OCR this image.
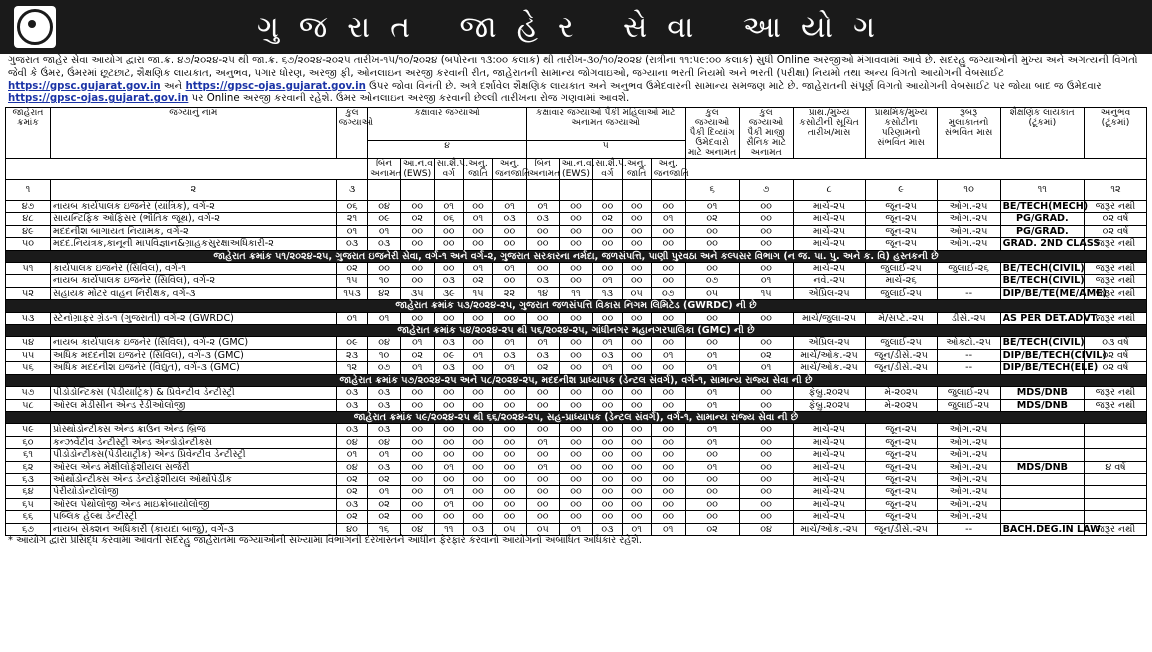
ગુજરાત જાહેર સેવા આયોગ
ગુજરાત જાહેર સેવા આયોગ દ્વારા જા.ક્ર. ૪૭/૨૦૨૪-૨૫ થી જા.ક્ર. ૬૭/૨૦૨૪-૨૦૨૫ તારીખ-૧૫/૧૦/૨૦૨૪ (બપોરના ૧૩:૦૦ કલાક) થી તારીખ-૩૦/૧૦/૨૦૨૪ (રાત્રીના ૧૧:૫૯:૦૦ કલાક) સુધી Online અરજીઓ મંગાવવામાં આવે છે. સદરહુ જગ્યાઓની મુખ્ય અને અગત્યની વિગતો જેવી કે ઉંમર, ઉંમરમાં છૂટછાટ, શૈક્ષણિક લાયકાત, અનુભવ, પગાર ધોરણ, અરજી ફી, ઓનલાઇન અરજી કરવાની રીત, જાહેરાતની સામાન્ય જોગવાઇઓ, જગ્યાના ભરતી નિયમો અને ભરતી (પરીક્ષા) નિયમો તથા અન્ય વિગતો આયોગની વેબસાઈટ https://gpsc.gujarat.gov.in અને https://gpsc-ojas.gujarat.gov.in ઉપર જોવા વિનંતી છે. અત્રે દર્શાવેલ શૈક્ષણિક લાયકાત અને અનુભવ ઉમેદવારની સામાન્ય સમજણ માટે છે. જાહેરાતની સંપૂર્ણ વિગતો આયોગની વેબસાઈટ પર જોયા બાદ જ ઉમેદવાર https://gpsc-ojas.gujarat.gov.in પર Online અરજી કરવાની રહેશે. ઉંમર ઓનલાઇન અરજી કરવાની છેલ્લી તારીખના રોજ ગણવામાં આવશે.
જાહેરાત ક્રમાંક	જગ્યાનું નામ	કુલ જગ્યાઓ	કક્ષાવાર જગ્યાઓ					કક્ષાવાર જગ્યાઓ પૈકી મહિલાઓ માટે અનામત જગ્યાઓ					કુલ જગ્યાઓ પૈકી દિવ્યાંગ ઉમેદવારો માટે અનામત	કુલ જગ્યાઓ પૈકી માજી સૈનિક માટે અનામત	પ્રાથ./મુખ્ય કસોટીની સૂચિત તારીખ/માસ	પ્રાથમિક/મુખ્ય કસોટીના પરિણામનો સંભવિત માસ	રૂબરૂ મુલાકાતનો સંભવિત માસ	શૈક્ષણિક લાયકાત (ટૂંકમાં)	અનુભવ (ટૂંકમાં)

			૪					૫											

			બિન અનામત	આ.ન.વ. (EWS)	સા.શૈ.પ. વર્ગ	અનુ. જાતિ	અનુ. જનજાતિ	બિન અનામત	આ.ન.વ. (EWS)	સા.શૈ.પ. વર્ગ	અનુ. જાતિ	અનુ. જનજાતિ							
૧	૨	૩											૬	૭	૮	૯	૧૦	૧૧	૧૨
૪૭	નાયબ કાર્યપાલક ઇજનેર (યાંત્રિક), વર્ગ-૨	૦૬	૦૪	૦૦	૦૧	૦૦	૦૧	૦૧	૦૦	૦૦	૦૦	૦૦	૦૧	૦૦	માર્ચ-૨૫	જૂન-૨૫	ઓગ.-૨૫	BE/TECH(MECH)	જરૂર નથી
૪૮	સાયન્ટિફિક ઓફિસર (ભૌતિક જૂથ), વર્ગ-૨	૨૧	૦૯	૦૨	૦૬	૦૧	૦૩	૦૩	૦૦	૦૨	૦૦	૦૧	૦૨	૦૦	માર્ચ-૨૫	જૂન-૨૫	ઓગ.-૨૫	PG/GRAD.	૦૨ વર્ષ
૪૯	મદદનીશ બાગાયત નિયામક, વર્ગ-૨	૦૧	૦૧	૦૦	૦૦	૦૦	૦૦	૦૦	૦૦	૦૦	૦૦	૦૦	૦૦	૦૦	માર્ચ-૨૫	જૂન-૨૫	ઓગ.-૨૫	PG/GRAD.	૦૨ વર્ષ
૫૦	મદદ.નિયંત્રક,કાનૂની માપવિજ્ઞાન&ગ્રાહકસુરક્ષાઅધિકારી-૨	૦૩	૦૩	૦૦	૦૦	૦૦	૦૦	૦૦	૦૦	૦૦	૦૦	૦૦	૦૦	૦૦	માર્ચ-૨૫	જૂન-૨૫	ઓગ.-૨૫	GRAD. 2ND CLASS	જરૂર નથી
જાહેરાત ક્રમાંક ૫૧/૨૦૨૪-૨૫, ગુજરાત ઇજનેરી સેવા, વર્ગ-૧ અને વર્ગ-૨, ગુજરાત સરકારના નર્મદા, જળસંપત્તિ, પાણી પુરવઠા અને કલ્પસર વિભાગ (ન જ. પા. પુ. અને ક. વિ) હસ્તકની છે																			
૫૧	કાર્યપાલક ઇજનેર (સિવિલ), વર્ગ-૧	૦૨	૦૦	૦૦	૦૦	૦૧	૦૧	૦૦	૦૦	૦૦	૦૦	૦૦	૦૦	૦૦	માર્ચ-૨૫	જુલાઈ-૨૫	જુલાઈ-૨૬	BE/TECH(CIVIL)	જરૂર નથી
	નાયબ કાર્યપાલક ઇજનેર (સિવિલ), વર્ગ-૨	૧૫	૧૦	૦૦	૦૩	૦૨	૦૦	૦૩	૦૦	૦૧	૦૦	૦૦	૦૭	૦૧	નવે.-૨૫	માર્ચ-૨૬		BE/TECH(CIVIL)	જરૂર નથી
૫૨	સહાયક મોટર વાહન નિરીક્ષક, વર્ગ-૩	૧૫૩	૪૨	૩૫	૩૯	૧૫	૨૨	૧૪	૧૧	૧૩	૦૫	૦૭	૦૫	૧૫	એપ્રિલ-૨૫	જુલાઈ-૨૫	--	DIP/BE/TE(ME/AME)	જરૂર નથી
જાહેરાત ક્રમાંક ૫૩/૨૦૨૪-૨૫, ગુજરાત જળસંપત્તિ વિકાસ નિગમ લિમિટેડ (GWRDC) ની છે																			
૫૩	સ્ટેનોગ્રાફર ગ્રેડ-૧ (ગુજરાતી) વર્ગ-૨ (GWRDC)	૦૧	૦૧	૦૦	૦૦	૦૦	૦૦	૦૦	૦૦	૦૦	૦૦	૦૦	૦૦	૦૦	માર્ચ/જુલા-૨૫	મે/સપ્ટે.-૨૫	ડીસે.-૨૫	AS PER DET.ADVT.	જરૂર નથી
જાહેરાત ક્રમાંક ૫૪/૨૦૨૪-૨૫ થી ૫૬/૨૦૨૪-૨૫, ગાંધીનગર મહાનગરપાલિકા (GMC) ની છે																			
૫૪	નાયબ કાર્યપાલક ઇજનેર (સિવિલ), વર્ગ-૨ (GMC)	૦૯	૦૪	૦૧	૦૩	૦૦	૦૧	૦૧	૦૦	૦૧	૦૦	૦૦	૦૦	૦૦	એપ્રિલ-૨૫	જુલાઈ-૨૫	ઓક્ટો.-૨૫	BE/TECH(CIVIL)	૦૩ વર્ષ
૫૫	અધિક મદદનીશ ઇજનેર (સિવિલ), વર્ગ-૩ (GMC)	૨૩	૧૦	૦૨	૦૯	૦૧	૦૩	૦૩	૦૦	૦૩	૦૦	૦૧	૦૧	૦૨	માર્ચ/ઓક.-૨૫	જૂન/ડીસે.-૨૫	--	DIP/BE/TECH(CIVIL)	૦૨ વર્ષ
૫૬	અધિક મદદનીશ ઇજનેર (વિદ્યુત), વર્ગ-૩ (GMC)	૧૨	૦૭	૦૧	૦૩	૦૦	૦૧	૦૨	૦૦	૦૧	૦૦	૦૦	૦૧	૦૧	માર્ચ/ઓક.-૨૫	જૂન/ડીસે.-૨૫	--	DIP/BE/TECH(ELE)	૦૨ વર્ષ
જાહેરાત ક્રમાંક ૫૭/૨૦૨૪-૨૫ અને ૫૮/૨૦૨૪-૨૫, મદદનીશ પ્રાધ્યાપક (ડેન્ટલ સંવર્ગ), વર્ગ-૧, સામાન્ય રાજ્ય સેવા ની છે																			
૫૭	પીડોડોન્ટિક્સ (પેડીયાટ્રિક) & પ્રિવેન્ટીવ ડેન્ટીસ્ટ્રી	૦૩	૦૩	૦૦	૦૦	૦૦	૦૦	૦૦	૦૦	૦૦	૦૦	૦૦	૦૧	૦૦	ફેબ્રુ.૨૦૨૫	મે-૨૦૨૫	જુલાઈ-૨૫	MDS/DNB	જરૂર નથી
૫૮	ઓરલ મેડીસીન એન્ડ રેડીઓલોજી	૦૩	૦૩	૦૦	૦૦	૦૦	૦૦	૦૦	૦૦	૦૦	૦૦	૦૦	૦૧	૦૦	ફેબ્રુ.૨૦૨૫	મે-૨૦૨૫	જુલાઈ-૨૫	MDS/DNB	જરૂર નથી
જાહેરાત ક્રમાંક ૫૯/૨૦૨૪-૨૫ થી ૬૬/૨૦૨૪-૨૫, સહ-પ્રાધ્યાપક (ડેન્ટલ સંવર્ગ), વર્ગ-૧, સામાન્ય રાજ્ય સેવા ની છે																			
૫૯	પ્રોસ્થોડોન્ટીક્સ એન્ડ ક્રાઉન એન્ડ બ્રિજ	૦૩	૦૩	૦૦	૦૦	૦૦	૦૦	૦૦	૦૦	૦૦	૦૦	૦૦	૦૧	૦૦	માર્ચ-૨૫	જૂન-૨૫	ઓગ.-૨૫		
૬૦	કન્ઝર્વેટીવ ડેન્ટીસ્ટ્રી એન્ડ એન્ડોડોન્ટીક્સ	૦૪	૦૪	૦૦	૦૦	૦૦	૦૦	૦૧	૦૦	૦૦	૦૦	૦૦	૦૧	૦૦	માર્ચ-૨૫	જૂન-૨૫	ઓગ.-૨૫		
૬૧	પીડોડોન્ટીક્સ(પેડીયાટ્રીક) એન્ડ પ્રિવેન્ટીવ ડેન્ટીસ્ટ્રી	૦૧	૦૧	૦૦	૦૦	૦૦	૦૦	૦૦	૦૦	૦૦	૦૦	૦૦	૦૦	૦૦	માર્ચ-૨૫	જૂન-૨૫	ઓગ.-૨૫		
૬૨	ઓરલ એન્ડ મેક્ષીલોફેશીયલ સર્જરી	૦૪	૦૩	૦૦	૦૧	૦૦	૦૦	૦૧	૦૦	૦૦	૦૦	૦૦	૦૧	૦૦	માર્ચ-૨૫	જૂન-૨૫	ઓગ.-૨૫	MDS/DNB	૪ વર્ષ
૬૩	ઓર્થોડોન્ટીક્સ એન્ડ ડેન્ટોફેશીયલ ઓર્થોપેડીક	૦૨	૦૨	૦૦	૦૦	૦૦	૦૦	૦૦	૦૦	૦૦	૦૦	૦૦	૦૦	૦૦	માર્ચ-૨૫	જૂન-૨૫	ઓગ.-૨૫		
૬૪	પેરીયોડોન્ટોલોજી	૦૨	૦૧	૦૦	૦૧	૦૦	૦૦	૦૦	૦૦	૦૦	૦૦	૦૦	૦૦	૦૦	માર્ચ-૨૫	જૂન-૨૫	ઓગ.-૨૫		
૬૫	ઓરલ પેથોલોજી એન્ડ માઇક્રોબાયોલોજી	૦૩	૦૨	૦૦	૦૧	૦૦	૦૦	૦૦	૦૦	૦૦	૦૦	૦૦	૦૦	૦૦	માર્ચ-૨૫	જૂન-૨૫	ઓગ.-૨૫		
૬૬	પબ્લિક હેલ્થ ડેન્ટીસ્ટ્રી	૦૨	૦૨	૦૦	૦૦	૦૦	૦૦	૦૦	૦૦	૦૦	૦૦	૦૦	૦૦	૦૦	માર્ચ-૨૫	જૂન-૨૫	ઓગ.-૨૫		
૬૭	નાયબ સેક્શન અધિકારી (કાયદા બાજુ), વર્ગ-૩	૪૦	૧૬	૦૪	૧૧	૦૩	૦૫	૦૫	૦૧	૦૩	૦૧	૦૧	૦૨	૦૪	માર્ચ/ઓક.-૨૫	જૂન/ડીસે.-૨૫	--	BACH.DEG.IN LAW	જરૂર નથી
* આયોગ દ્વારા પ્રસિદ્ધ કરવામાં આવતી સદરહુ જાહેરાતમાં જગ્યાઓની સંખ્યામાં વિભાગની દરખાસ્તને આધીન ફેરફાર કરવાનો આયોગનો અબાધિત અધિકાર રહેશે.
